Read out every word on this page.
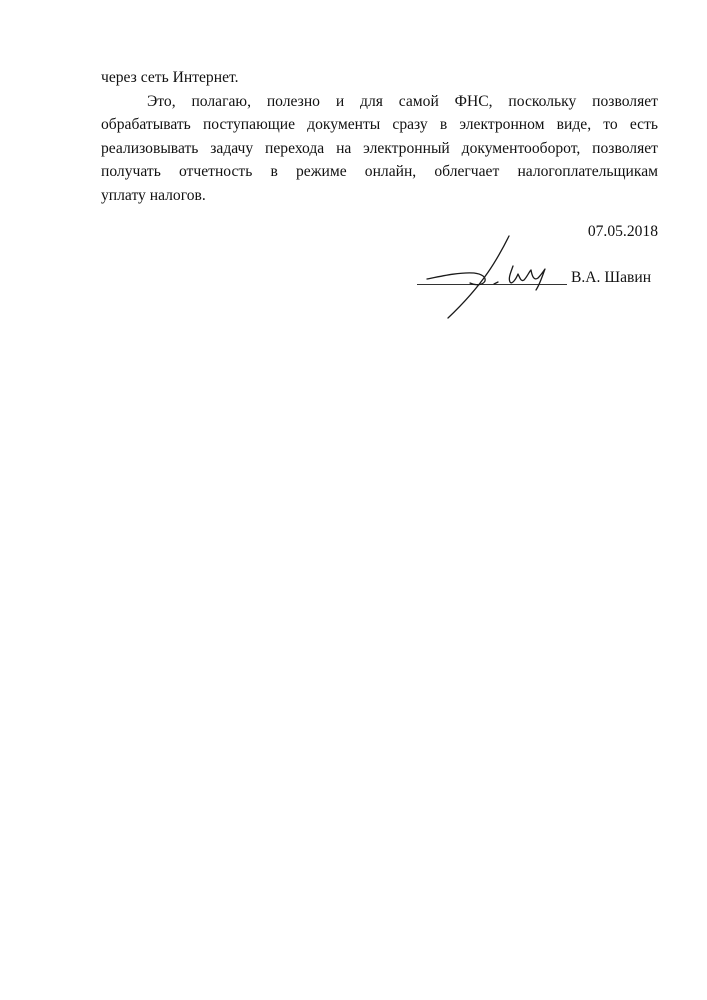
через сеть Интернет.
Это, полагаю, полезно и для самой ФНС, поскольку позволяет
обрабатывать поступающие документы сразу в электронном виде, то есть
реализовывать задачу перехода на электронный документооборот, позволяет
получать отчетность в режиме онлайн, облегчает налогоплательщикам
уплату налогов.
07.05.2018
В.А. Шавин
